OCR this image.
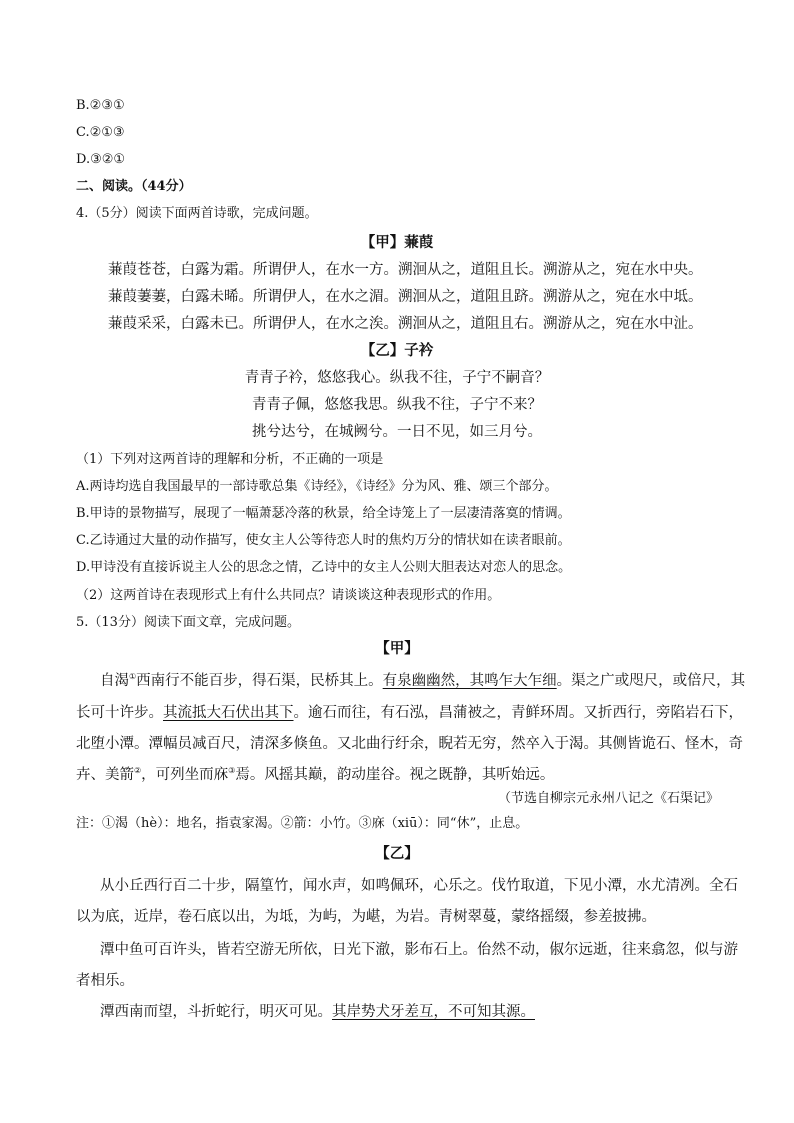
B.②③①
C.②①③
D.③②①
二、阅读。（44分）
4.（5分）阅读下面两首诗歌，完成问题。
【甲】蒹葭
蒹葭苍苍，白露为霜。所谓伊人，在水一方。溯洄从之，道阻且长。溯游从之，宛在水中央。
蒹葭萋萋，白露未晞。所谓伊人，在水之湄。溯洄从之，道阻且跻。溯游从之，宛在水中坻。
蒹葭采采，白露未已。所谓伊人，在水之涘。溯洄从之，道阻且右。溯游从之，宛在水中沚。
【乙】子衿
青青子衿，悠悠我心。纵我不往，子宁不嗣音？
青青子佩，悠悠我思。纵我不往，子宁不来？
挑兮达兮，在城阙兮。一日不见，如三月兮。
（1）下列对这两首诗的理解和分析，不正确的一项是
A.两诗均选自我国最早的一部诗歌总集《诗经》，《诗经》分为风、雅、颂三个部分。
B.甲诗的景物描写，展现了一幅萧瑟冷落的秋景，给全诗笼上了一层凄清落寞的情调。
C.乙诗通过大量的动作描写，使女主人公等待恋人时的焦灼万分的情状如在读者眼前。
D.甲诗没有直接诉说主人公的思念之情，乙诗中的女主人公则大胆表达对恋人的思念。
（2）这两首诗在表现形式上有什么共同点？请谈谈这种表现形式的作用。
5.（13分）阅读下面文章，完成问题。
【甲】
自渴①西南行不能百步，得石渠，民桥其上。有泉幽幽然，其鸣乍大乍细。渠之广或咫尺，或倍尺，其
长可十许步。其流抵大石伏出其下。逾石而往，有石泓，昌蒲被之，青鲜环周。又折西行，旁陷岩石下，
北堕小潭。潭幅员减百尺，清深多倏鱼。又北曲行纡余，睨若无穷，然卒入于渴。其侧皆诡石、怪木，奇
卉、美箭②，可列坐而庥③焉。风摇其巅，韵动崖谷。视之既静，其听始远。
（节选自柳宗元永州八记之《石渠记》
注：①渴（hè）：地名，指袁家渴。②箭：小竹。③庥（xiū）：同“休”，止息。
【乙】
从小丘西行百二十步，隔篁竹，闻水声，如鸣佩环，心乐之。伐竹取道，下见小潭，水尤清冽。全石
以为底，近岸，卷石底以出，为坻，为屿，为嵁，为岩。青树翠蔓，蒙络摇缀，参差披拂。
潭中鱼可百许头，皆若空游无所依，日光下澈，影布石上。佁然不动，俶尔远逝，往来翕忽，似与游
者相乐。
潭西南而望，斗折蛇行，明灭可见。其岸势犬牙差互，不可知其源。
